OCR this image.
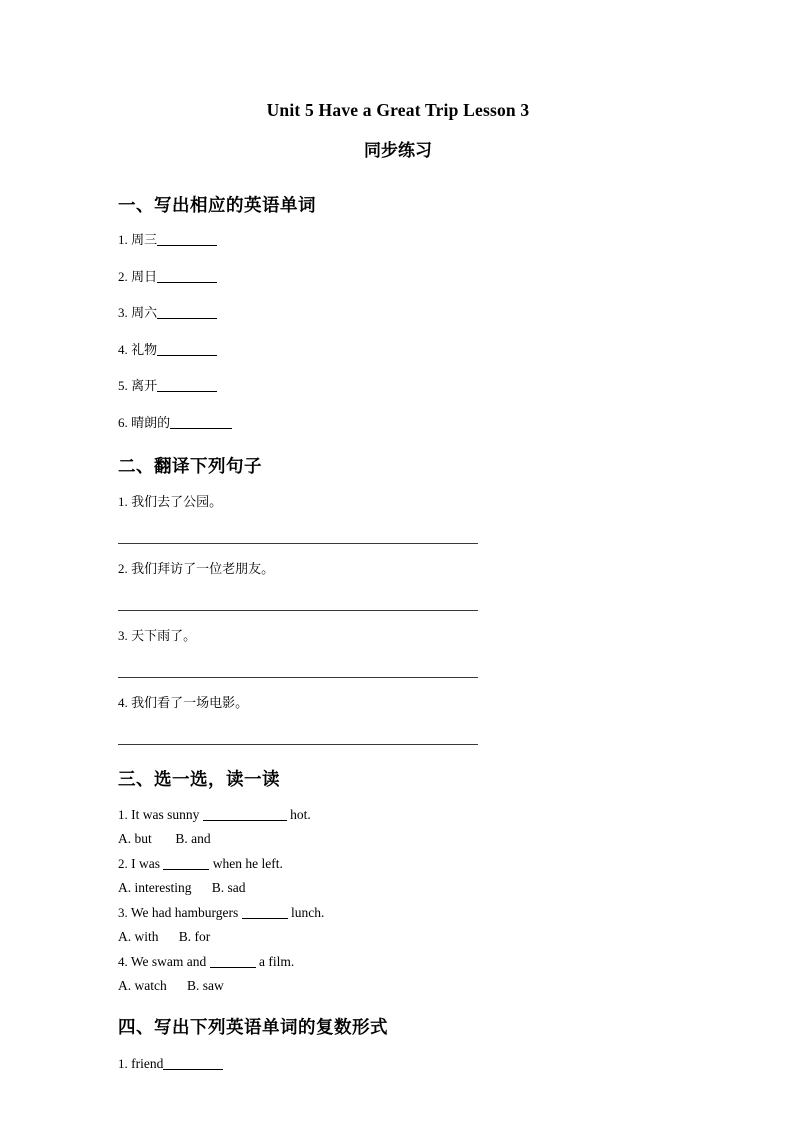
Unit 5 Have a Great Trip Lesson 3
同步练习
一、写出相应的英语单词
1. 周三
2. 周日
3. 周六
4. 礼物
5. 离开
6. 晴朗的
二、翻译下列句子
1. 我们去了公园。
2. 我们拜访了一位老朋友。
3. 天下雨了。
4. 我们看了一场电影。
三、选一选，读一读
1. It was sunny	hot.
A. but B. and
2. I was	when he left.
A. interesting B. sad
3. We had hamburgers	lunch.
A. with B. for
4. We swam and	a film.
A. watch B. saw
四、写出下列英语单词的复数形式
1. friend
